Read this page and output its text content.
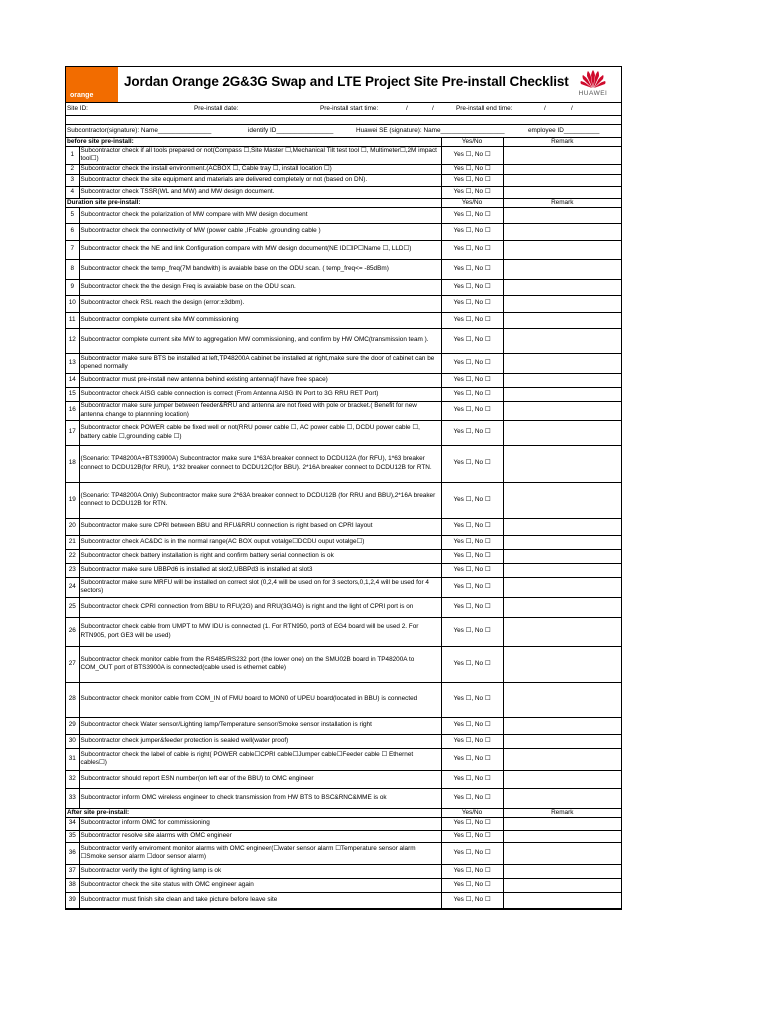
orange
Jordan Orange 2G&3G Swap and LTE Project Site Pre-install Checklist
HUAWEI
Site ID:	Pre-install date:	Pre-install start time:	/	/	Pre-install end time:	/	/
Subcontractor(signature): Name_______________	identify ID________________	Huawei SE (signature): Name__________________	employee ID__________
before site pre-install:		Yes/No	Remark
1	Subcontractor check if all tools prepared or not(Compass ☐,Site Master ☐,Mechanical Tilt test tool ☐, Multimeter☐,2M impact tool☐)	Yes ☐, No ☐	
2	Subcontractor check the install environment.(ACBOX ☐, Cable tray ☐, install location ☐)	Yes ☐, No ☐	
3	Subcontractor check the site equipment and materials are delivered completely or not (based on DN).	Yes ☐, No ☐	
4	Subcontractor check TSSR(WL and MW) and MW design document.	Yes ☐, No ☐	
Duration site pre-install:		Yes/No	Remark
5	Subcontractor check the polarization of MW compare with MW design document	Yes ☐, No ☐	
6	Subcontractor check the connectivity of MW (power cable ,IFcable ,grounding cable )	Yes ☐, No ☐	
7	Subcontractor check the NE and link Configuration compare with MW design document(NE ID☐IP☐Name ☐, LLD☐)	Yes ☐, No ☐	
8	Subcontractor check the temp_freq(7M bandwith) is avaiable base on the ODU scan. ( temp_freq<= -85dBm)	Yes ☐, No ☐	
9	Subcontractor check the the design Freq is avaiable base on the ODU scan.	Yes ☐, No ☐	
10	Subcontractor check RSL reach the design (error:±3dbm).	Yes ☐, No ☐	
11	Subcontractor complete current site MW commissioning	Yes ☐, No ☐	
12	Subcontractor complete current site MW to aggregation MW commissioning, and confirm by HW OMC(transmission team ).	Yes ☐, No ☐	
13	Subcontractor make sure BTS be installed at left,TP48200A cabinet be installed at right,make sure the door of cabinet can be opened normally	Yes ☐, No ☐	
14	Subcontractor must pre-install new antenna behind existing antenna(if have free space)	Yes ☐, No ☐	
15	Subcontractor check AISG cable connection is correct (From Antenna AISG IN Port to 3G RRU RET Port)	Yes ☐, No ☐	
16	Subcontractor make sure jumper between feeder&RRU and antenna are not fixed with pole or bracket.( Benefit for new antenna change to plannning location)	Yes ☐, No ☐	
17	Subcontractor check POWER cable be fixed well or not(RRU power cable ☐, AC power cable ☐, DCDU power cable ☐, battery cable ☐,grounding cable ☐)	Yes ☐, No ☐	
18	(Scenario: TP48200A+BTS3900A) Subcontractor make sure 1*63A breaker connect to DCDU12A (for RFU), 1*63 breaker connect to DCDU12B(for RRU), 1*32 breaker connect to DCDU12C(for BBU). 2*16A breaker connect to DCDU12B for RTN.	Yes ☐, No ☐	
19	(Scenario: TP48200A Only) Subcontractor make sure 2*63A breaker connect to DCDU12B (for RRU and BBU),2*16A breaker connect to DCDU12B for RTN.	Yes ☐, No ☐	
20	Subcontractor make sure CPRI between BBU and RFU&RRU connection is right based on CPRI layout	Yes ☐, No ☐	
21	Subcontractor check AC&DC is in the normal range(AC BOX ouput votalge☐DCDU ouput votalge☐)	Yes ☐, No ☐	
22	Subcontractor check battery installation is right and confirm battery serial connection is ok	Yes ☐, No ☐	
23	Subcontractor make sure UBBPd6 is installed at slot2,UBBPd3 is installed at slot3	Yes ☐, No ☐	
24	Subcontractor make sure MRFU will be installed on correct slot (0,2,4 will be used on for 3 sectors,0,1,2,4 will be used for 4 sectors)	Yes ☐, No ☐	
25	Subcontractor check CPRI connection from BBU to RFU(2G) and RRU(3G/4G) is right and the light of CPRI port is on	Yes ☐, No ☐	
26	Subcontractor check cable from UMPT to MW IDU is connected (1. For RTN950, port3 of EG4 board will be used 2. For RTN905, port GE3 will be used)	Yes ☐, No ☐	
27	Subcontractor check monitor cable from the RS485/RS232 port (the lower one) on the SMU02B board in TP48200A to COM_OUT port of BTS3900A is connected(cable used is ethernet cable)	Yes ☐, No ☐	
28	Subcontractor check monitor cable from COM_IN of FMU board to MON0 of UPEU board(located in BBU) is connected	Yes ☐, No ☐	
29	Subcontractor check Water sensor/Lighting lamp/Temperature sensor/Smoke sensor installation is right	Yes ☐, No ☐	
30	Subcontractor check jumper&feeder protection is sealed well(water proof)	Yes ☐, No ☐	
31	Subcontractor check the label of cable is right( POWER cable☐CPRI cable☐Jumper cable☐Feeder cable ☐ Ethernet cables☐)	Yes ☐, No ☐	
32	Subcontractor should report ESN number(on left ear of the BBU) to OMC engineer	Yes ☐, No ☐	
33	Subcontractor inform OMC wireless engineer to check transmission from HW BTS to BSC&RNC&MME is ok	Yes ☐, No ☐	
After site pre-install:		Yes/No	Remark
34	Subcontractor inform OMC for commissioning	Yes ☐, No ☐	
35	Subcontractor resolve site alarms with OMC engineer	Yes ☐, No ☐	
36	Subcontractor verify enviroment monitor alarms with OMC engineer(☐water sensor alarm ☐Temperature sensor alarm ☐Smoke sensor alarm ☐door sensor alarm)	Yes ☐, No ☐	
37	Subcontractor verify the light of lighting lamp is ok	Yes ☐, No ☐	
38	Subcontractor check the site status with OMC engineer again	Yes ☐, No ☐	
39	Subcontractor must finish site clean and take picture before leave site	Yes ☐, No ☐	
